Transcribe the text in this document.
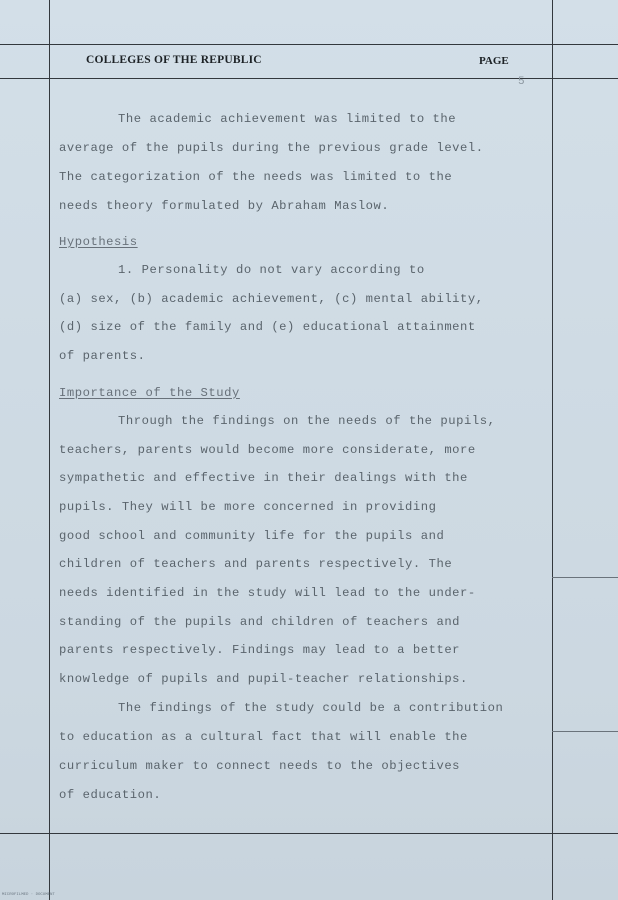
COLLEGES OF THE REPUBLIC	PAGE
5
The academic achievement was limited to the
average of the pupils during the previous grade level.
The categorization of the needs was limited to the
needs theory formulated by Abraham Maslow.
Hypothesis
1. Personality do not vary according to
(a) sex, (b) academic achievement, (c) mental ability,
(d) size of the family and (e) educational attainment
of parents.
Importance of the Study
Through the findings on the needs of the pupils,
teachers, parents would become more considerate, more
sympathetic and effective in their dealings with the
pupils. They will be more concerned in providing
good school and community life for the pupils and
children of teachers and parents respectively. The
needs identified in the study will lead to the under-
standing of the pupils and children of teachers and
parents respectively. Findings may lead to a better
knowledge of pupils and pupil-teacher relationships.
The findings of the study could be a contribution
to education as a cultural fact that will enable the
curriculum maker to connect needs to the objectives
of education.
MICROFILMED · DOCUMENT
